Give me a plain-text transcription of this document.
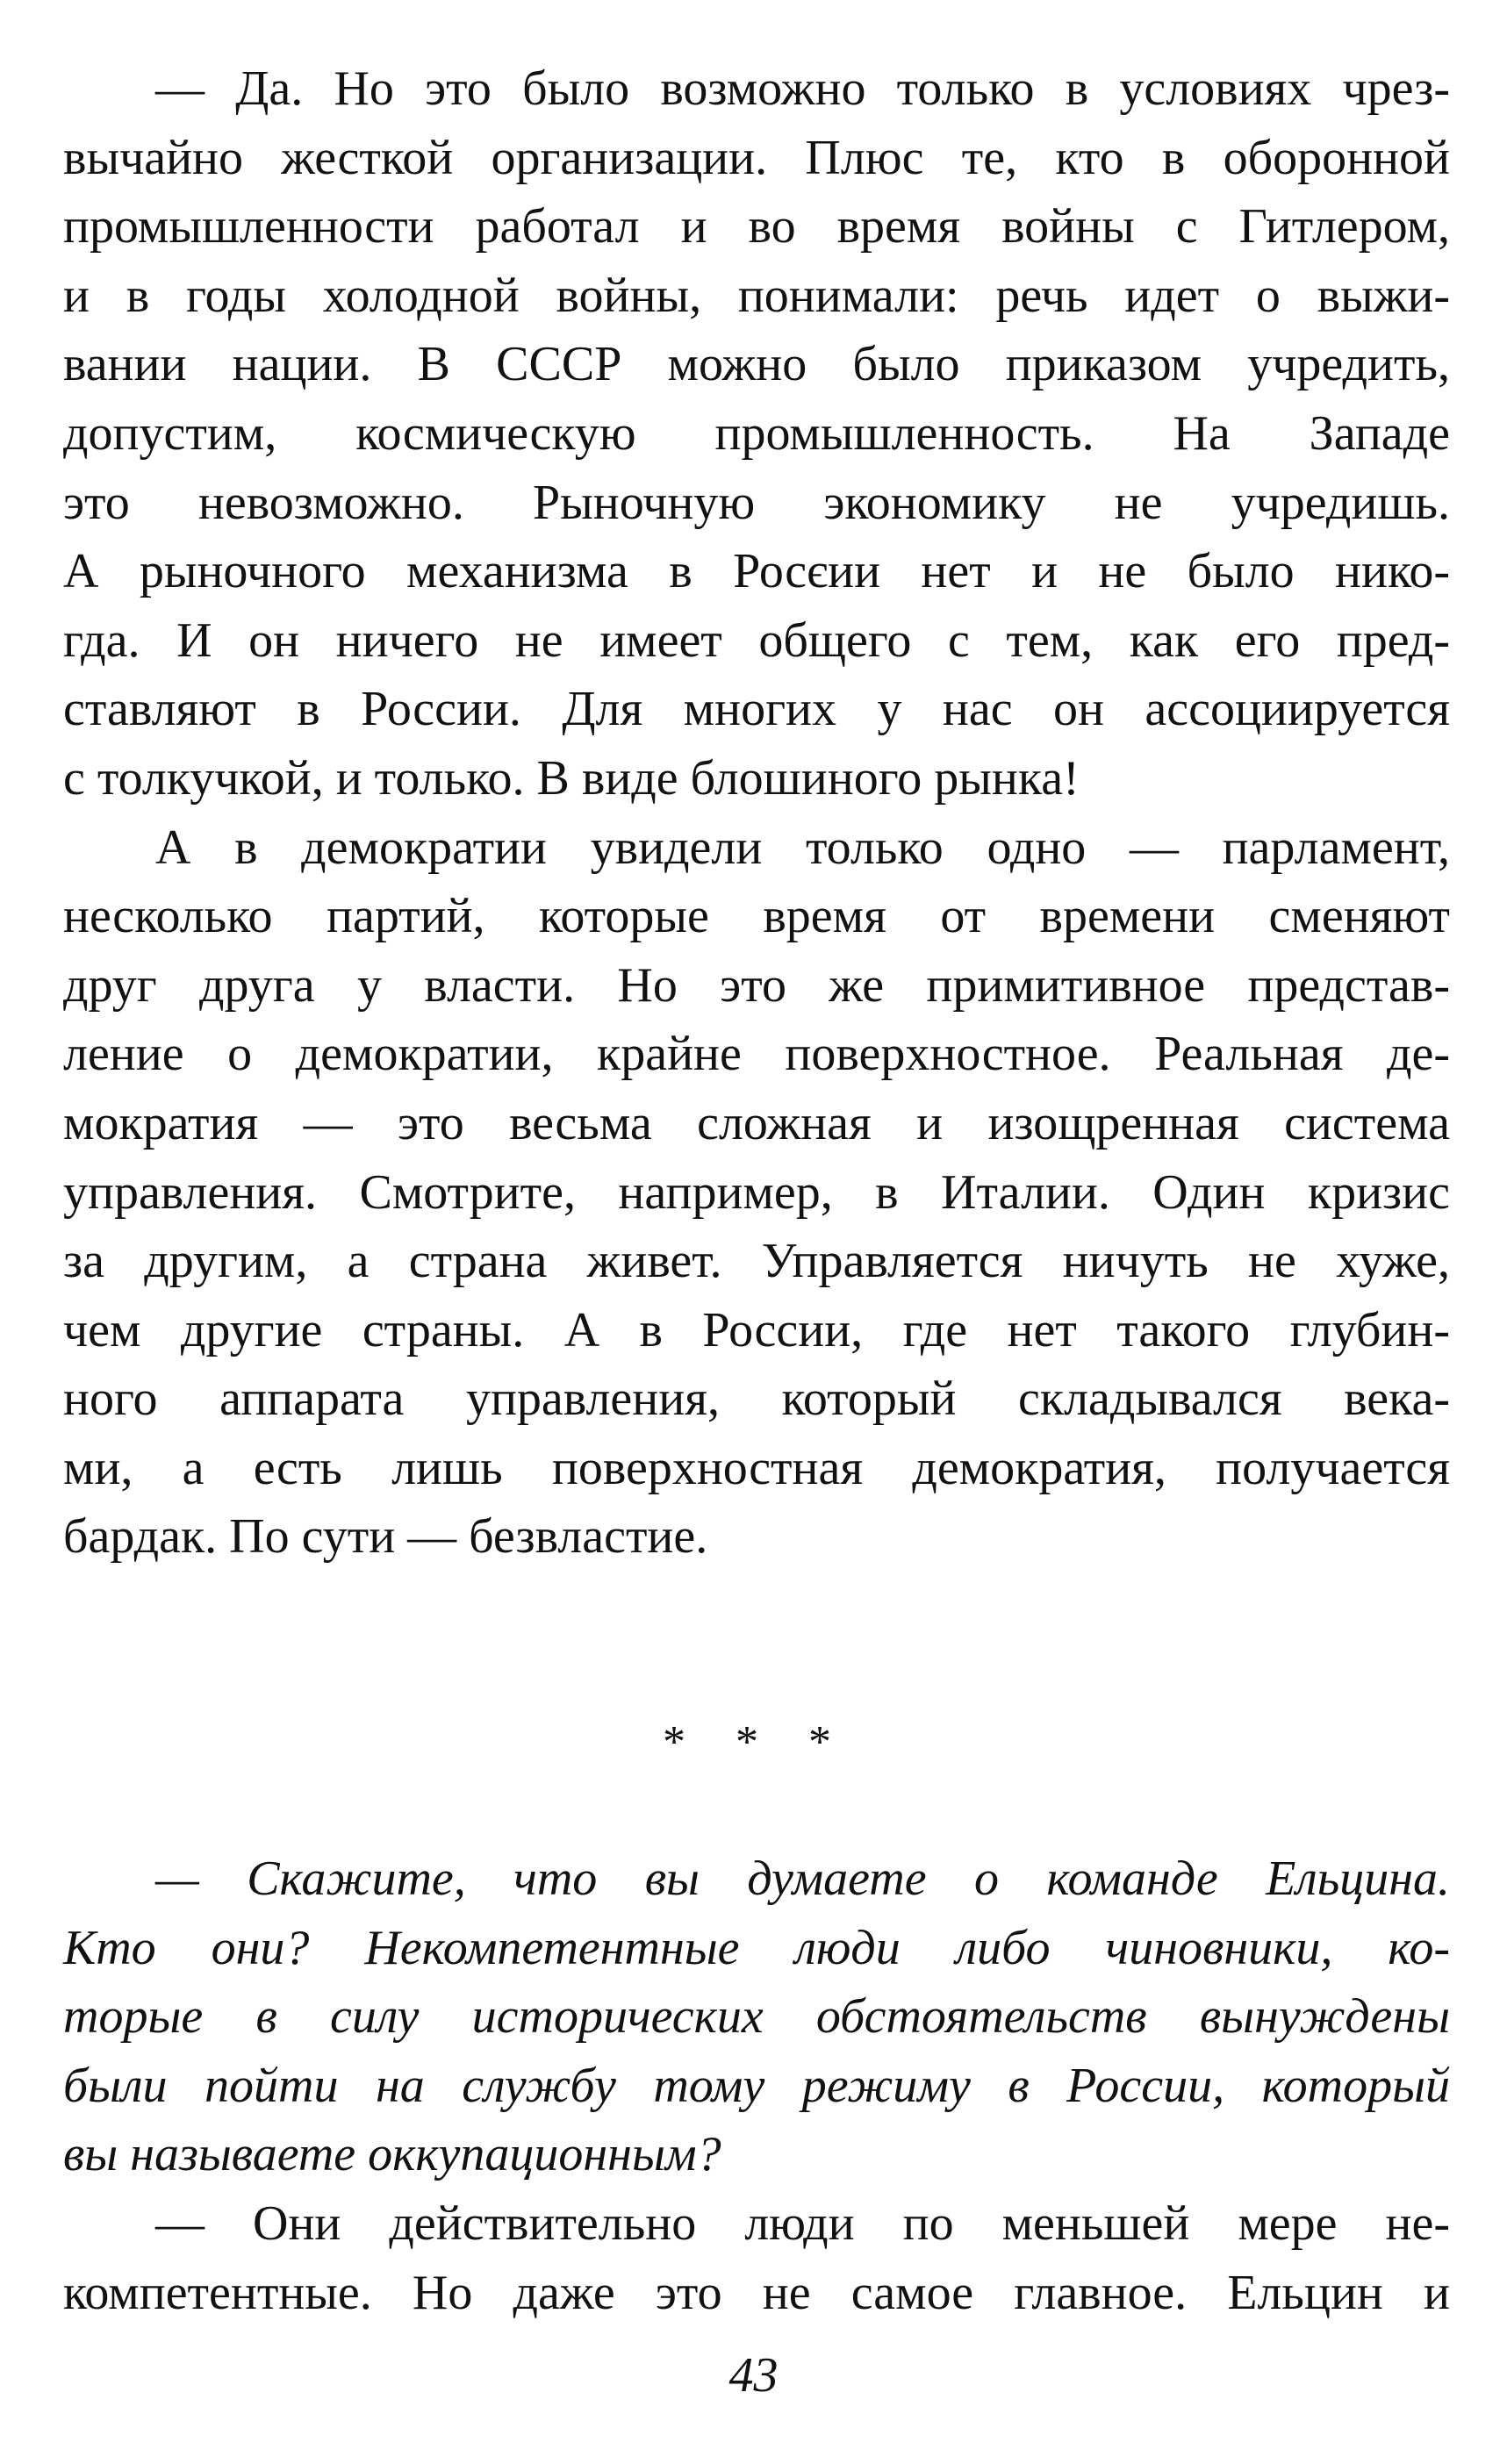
— Да. Но это было возможно только в условиях чрез-
вычайно жесткой организации. Плюс те, кто в оборонной
промышленности работал и во время войны с Гитлером,
и в годы холодной войны, понимали: речь идет о выжи-
вании нации. В СССР можно было приказом учредить,
допустим, космическую промышленность. На Западе
это невозможно. Рыночную экономику не учредишь.
А рыночного механизма в Росєии нет и не было нико-
гда. И он ничего не имеет общего с тем, как его пред-
ставляют в России. Для многих у нас он ассоциируется
с толкучкой, и только. В виде блошиного рынка!

А в демократии увидели только одно — парламент,
несколько партий, которые время от времени сменяют
друг друга у власти. Но это же примитивное представ-
ление о демократии, крайне поверхностное. Реальная де-
мократия — это весьма сложная и изощренная система
управления. Смотрите, например, в Италии. Один кризис
за другим, а страна живет. Управляется ничуть не хуже,
чем другие страны. А в России, где нет такого глубин-
ного аппарата управления, который складывался века-
ми, а есть лишь поверхностная демократия, получается
бардак. По сути — безвластие.

* * *

— Скажите, что вы думаете о команде Ельцина.
Кто они? Некомпетентные люди либо чиновники, ко-
торые в силу исторических обстоятельств вынуждены
были пойти на службу тому режиму в России, который
вы называете оккупационным?

— Они действительно люди по меньшей мере не-
компетентные. Но даже это не самое главное. Ельцин и

43
